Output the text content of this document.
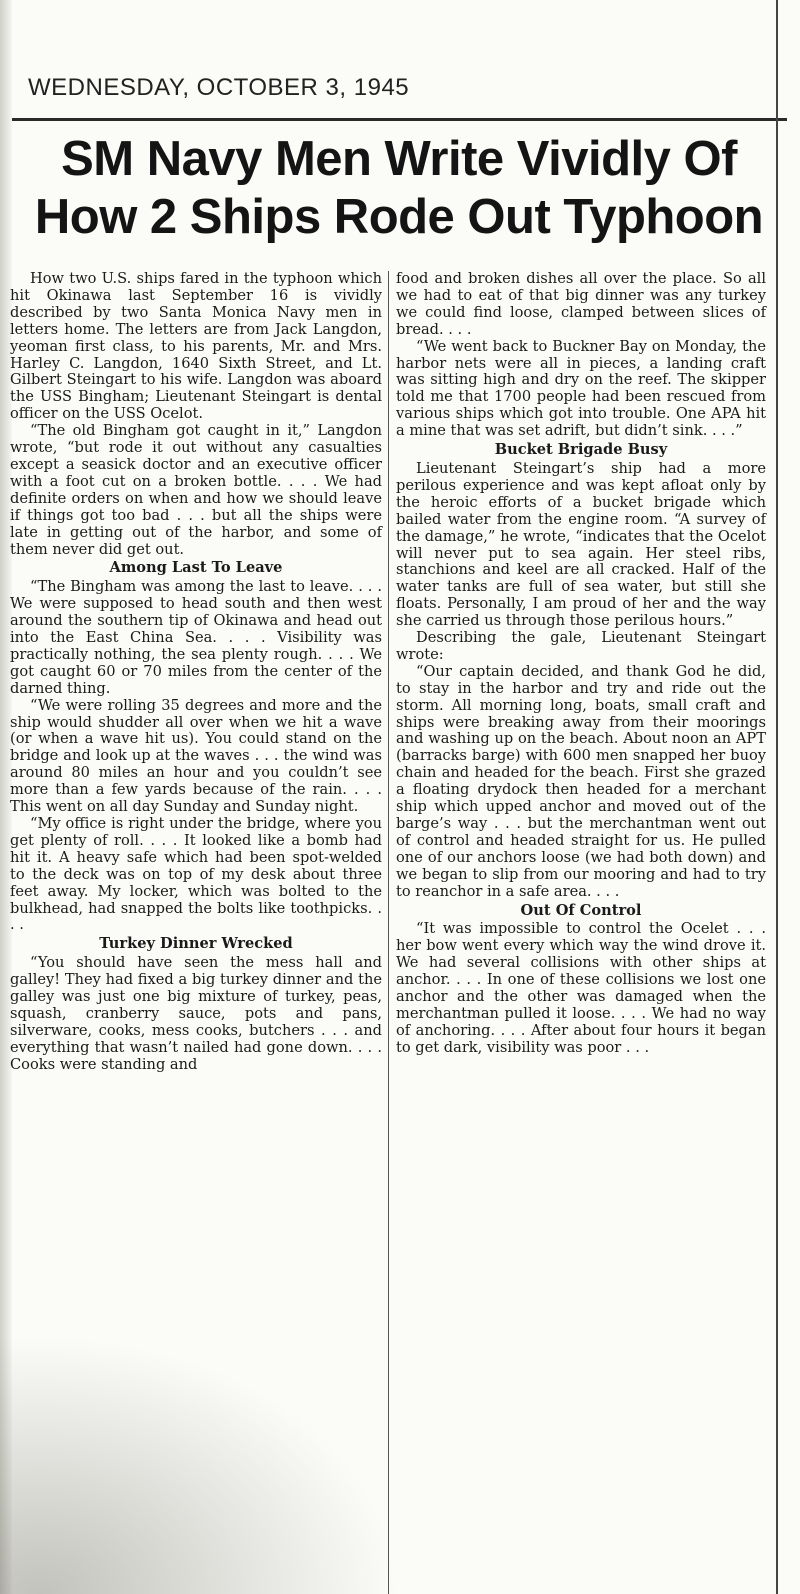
WEDNESDAY, OCTOBER 3, 1945
SM Navy Men Write Vividly Of
How 2 Ships Rode Out Typhoon

How two U.S. ships fared in the typhoon which hit Okinawa last September 16 is vividly described by two Santa Monica Navy men in letters home. The letters are from Jack Langdon, yeoman first class, to his parents, Mr. and Mrs. Harley C. Langdon, 1640 Sixth Street, and Lt. Gilbert Steingart to his wife. Langdon was aboard the USS Bingham; Lieutenant Steingart is dental officer on the USS Ocelot.

“The old Bingham got caught in it,” Langdon wrote, “but rode it out without any casualties except a seasick doctor and an executive officer with a foot cut on a broken bottle. . . . We had definite orders on when and how we should leave if things got too bad . . . but all the ships were late in getting out of the harbor, and some of them never did get out.

Among Last To Leave

“The Bingham was among the last to leave. . . . We were supposed to head south and then west around the southern tip of Okinawa and head out into the East China Sea. . . . Visibility was practically nothing, the sea plenty rough. . . . We got caught 60 or 70 miles from the center of the darned thing.

“We were rolling 35 degrees and more and the ship would shudder all over when we hit a wave (or when a wave hit us). You could stand on the bridge and look up at the waves . . . the wind was around 80 miles an hour and you couldn’t see more than a few yards because of the rain. . . . This went on all day Sunday and Sunday night.

“My office is right under the bridge, where you get plenty of roll. . . . It looked like a bomb had hit it. A heavy safe which had been spot-welded to the deck was on top of my desk about three feet away. My locker, which was bolted to the bulkhead, had snapped the bolts like toothpicks. . . .

Turkey Dinner Wrecked

“You should have seen the mess hall and galley! They had fixed a big turkey dinner and the galley was just one big mixture of turkey, peas, squash, cranberry sauce, pots and pans, silverware, cooks, mess cooks, butchers . . . and everything that wasn’t nailed had gone down. . . . Cooks were standing and

food and broken dishes all over the place. So all we had to eat of that big dinner was any turkey we could find loose, clamped between slices of bread. . . .

“We went back to Buckner Bay on Monday, the harbor nets were all in pieces, a landing craft was sitting high and dry on the reef. The skipper told me that 1700 people had been rescued from various ships which got into trouble. One APA hit a mine that was set adrift, but didn’t sink. . . .”

Bucket Brigade Busy

Lieutenant Steingart’s ship had a more perilous experience and was kept afloat only by the heroic efforts of a bucket brigade which bailed water from the engine room. “A survey of the damage,” he wrote, “indicates that the Ocelot will never put to sea again. Her steel ribs, stanchions and keel are all cracked. Half of the water tanks are full of sea water, but still she floats. Personally, I am proud of her and the way she carried us through those perilous hours.”

Describing the gale, Lieutenant Steingart wrote:

“Our captain decided, and thank God he did, to stay in the harbor and try and ride out the storm. All morning long, boats, small craft and ships were breaking away from their moorings and washing up on the beach. About noon an APT (barracks barge) with 600 men snapped her buoy chain and headed for the beach. First she grazed a floating drydock then headed for a merchant ship which upped anchor and moved out of the barge’s way . . . but the merchantman went out of control and headed straight for us. He pulled one of our anchors loose (we had both down) and we began to slip from our mooring and had to try to reanchor in a safe area. . . .

Out Of Control

“It was impossible to control the Ocelet . . . her bow went every which way the wind drove it. We had several collisions with other ships at anchor. . . . In one of these collisions we lost one anchor and the other was damaged when the merchantman pulled it loose. . . . We had no way of anchoring. . . . After about four hours it began to get dark, visibility was poor . . .
